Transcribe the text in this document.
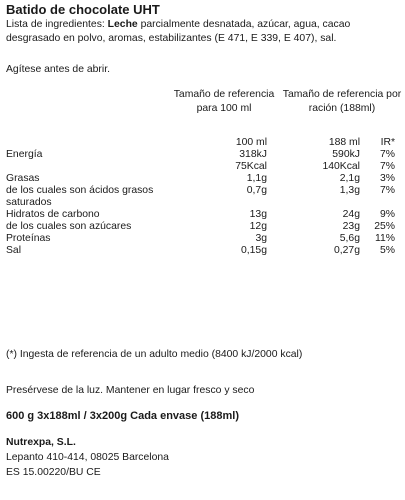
Batido de chocolate UHT
Lista de ingredientes: Leche parcialmente desnatada, azúcar, agua, cacao desgrasado en polvo, aromas, estabilizantes (E 471, E 339, E 407), sal.
Agítese antes de abrir.
Tamaño de referencia para 100 ml
Tamaño de referencia por ración (188ml)
100 ml	188 ml IR*
Energía	318kJ	590kJ 7%
75Kcal	140Kcal 7%
Grasas	1,1g	2,1g 3%
de los cuales son ácidos grasos	0,7g	1,3g 7%
saturados
Hidratos de carbono	13g	24g 9%
de los cuales son azúcares	12g	23g 25%
Proteínas	3g	5,6g 11%
Sal	0,15g	0,27g 5%
(*) Ingesta de referencia de un adulto medio (8400 kJ/2000 kcal)
Presérvese de la luz. Mantener en lugar fresco y seco
600 g 3x188ml / 3x200g Cada envase (188ml)
Nutrexpa, S.L.
Lepanto 410-414, 08025 Barcelona
ES 15.00220/BU CE
